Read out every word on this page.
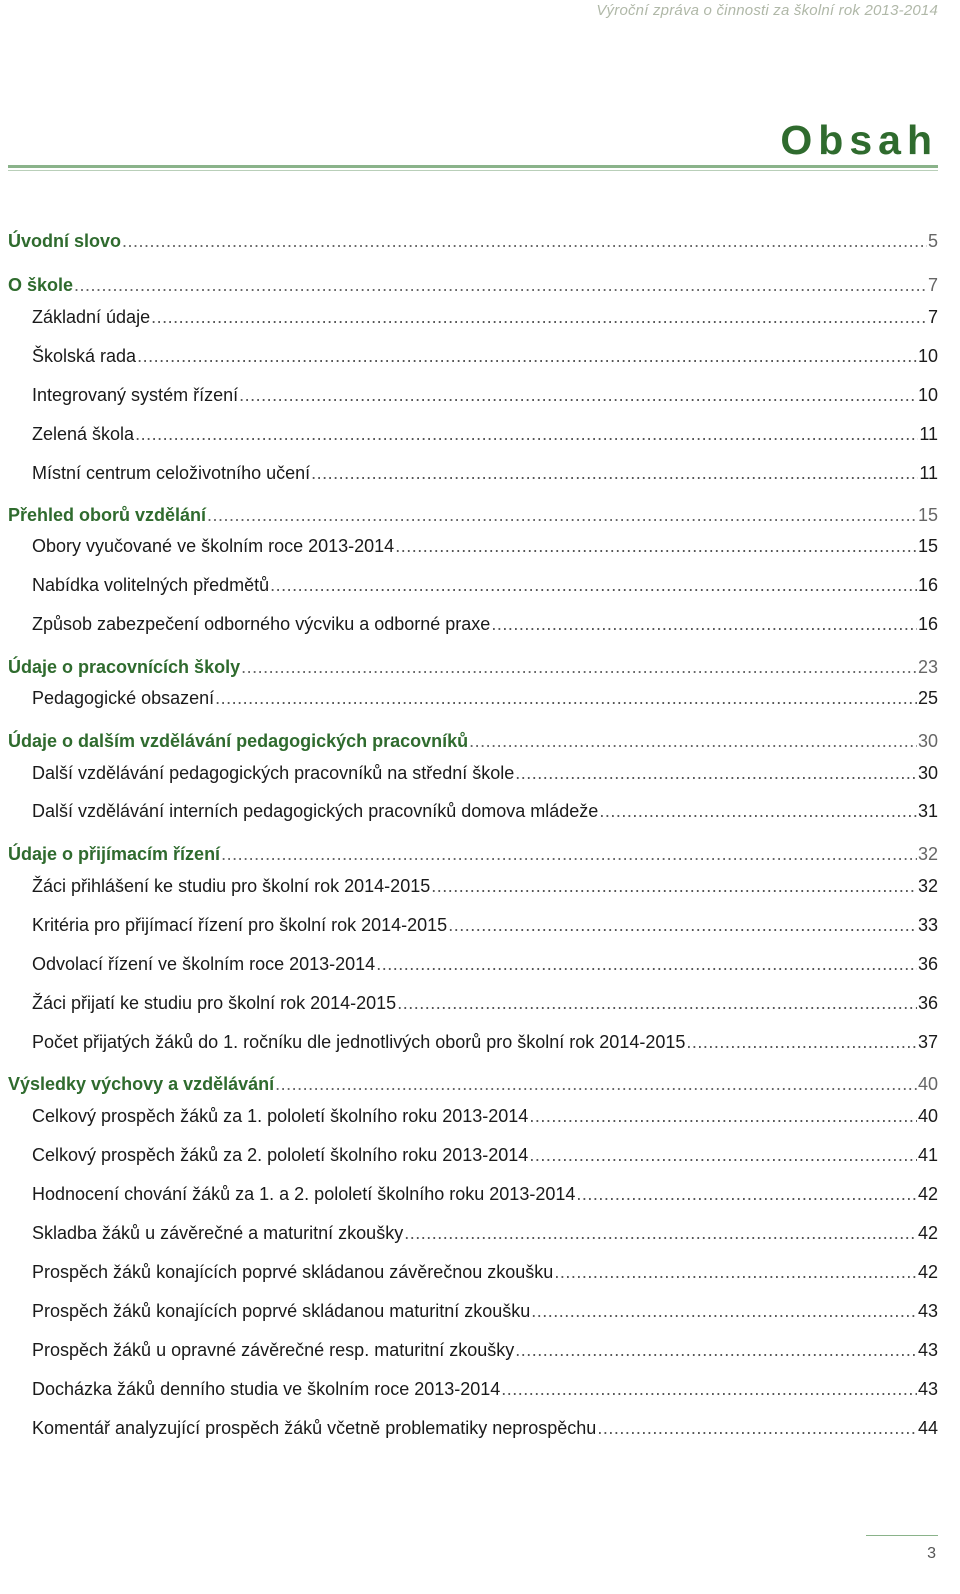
Výroční zpráva o činnosti za školní rok 2013-2014
Obsah
Úvodní slovo .....	5
O škole .....	7
Základní údaje .....	7
Školská rada .....	10
Integrovaný systém řízení .....	10
Zelená škola .....	11
Místní centrum celoživotního učení .....	11
Přehled oborů vzdělání .....	15
Obory vyučované ve školním roce 2013-2014 .....	15
Nabídka volitelných předmětů .....	16
Způsob zabezpečení odborného výcviku a odborné praxe .....	16
Údaje o pracovnících školy .....	23
Pedagogické obsazení .....	25
Údaje o dalším vzdělávání pedagogických pracovníků .....	30
Další vzdělávání pedagogických pracovníků na střední škole .....	30
Další vzdělávání interních pedagogických pracovníků domova mládeže .....	31
Údaje o přijímacím řízení .....	32
Žáci přihlášení ke studiu pro školní rok 2014-2015 .....	32
Kritéria pro přijímací řízení pro školní rok 2014-2015 .....	33
Odvolací řízení ve školním roce 2013-2014 .....	36
Žáci přijatí ke studiu pro školní rok 2014-2015 .....	36
Počet přijatých žáků do 1. ročníku dle jednotlivých oborů pro školní rok 2014-2015 .....	37
Výsledky výchovy a vzdělávání .....	40
Celkový prospěch žáků za 1. pololetí školního roku 2013-2014 .....	40
Celkový prospěch žáků za 2. pololetí školního roku 2013-2014 .....	41
Hodnocení chování žáků za 1. a 2. pololetí školního roku 2013-2014 .....	42
Skladba žáků u závěrečné a maturitní zkoušky .....	42
Prospěch žáků konajících poprvé skládanou závěrečnou zkoušku .....	42
Prospěch žáků konajících poprvé skládanou maturitní zkoušku .....	43
Prospěch žáků u opravné závěrečné resp. maturitní zkoušky .....	43
Docházka žáků denního studia ve školním roce 2013-2014 .....	43
Komentář analyzující prospěch žáků včetně problematiky neprospěchu .....	44
3
